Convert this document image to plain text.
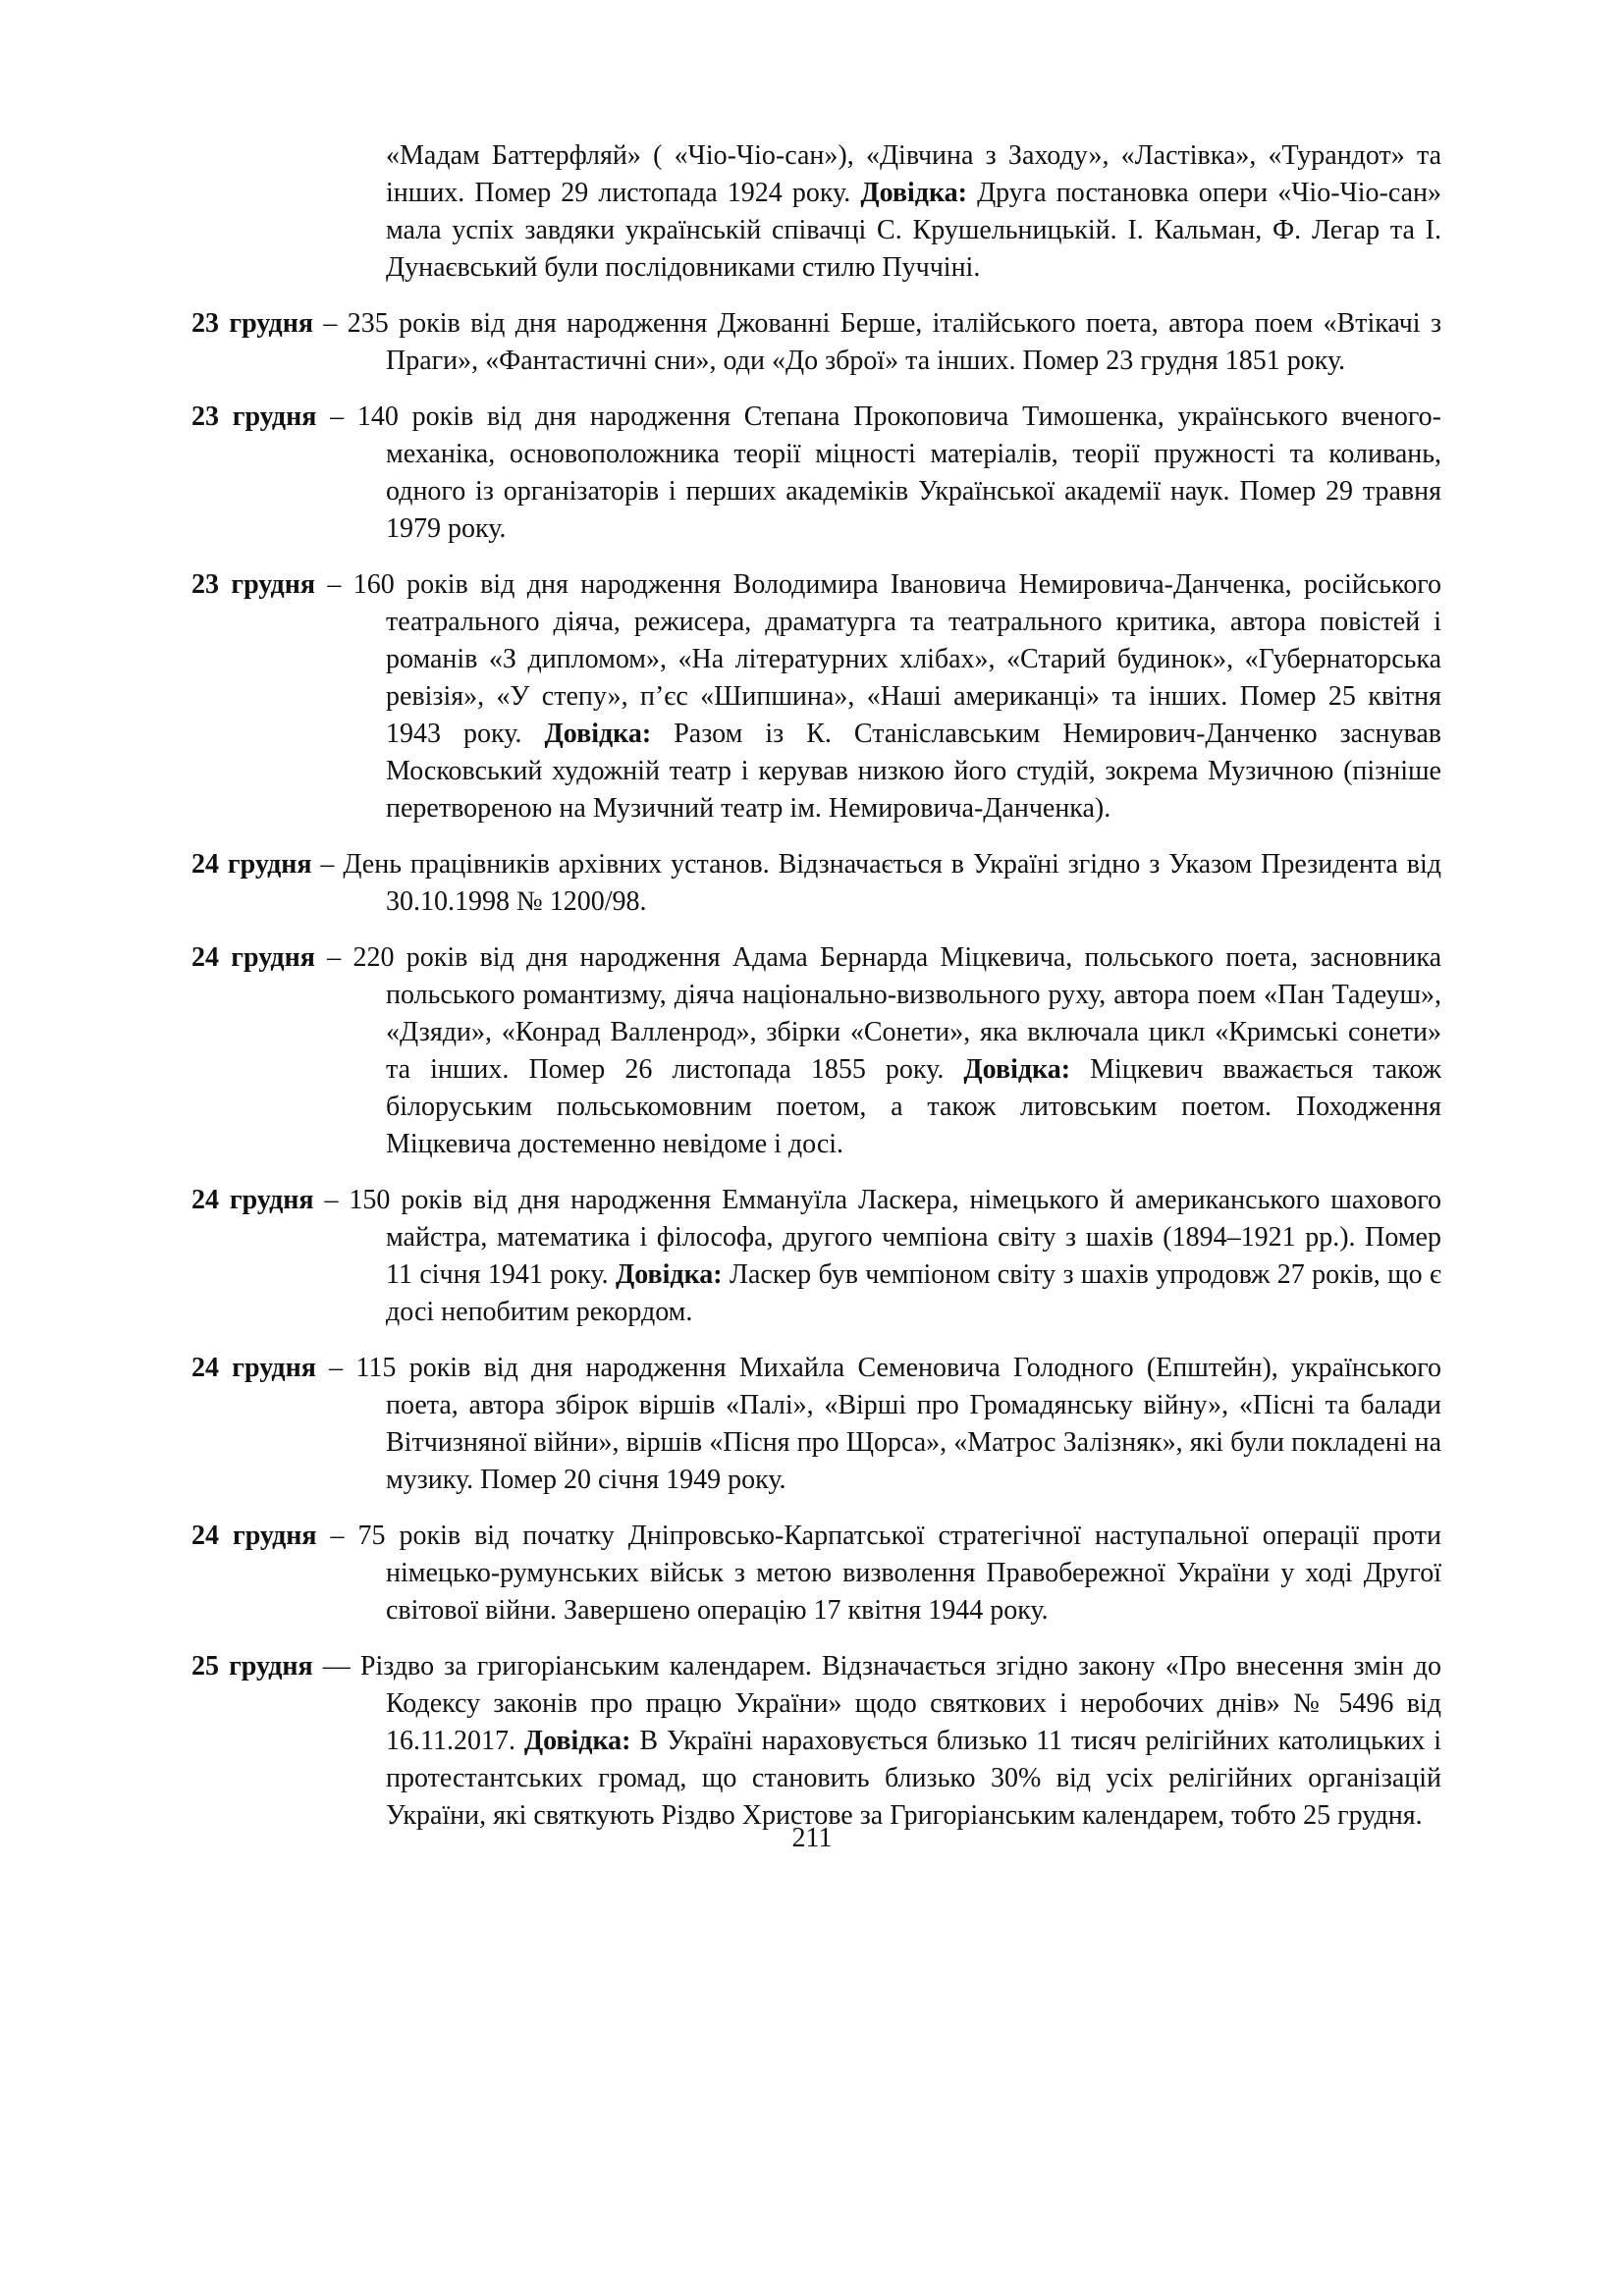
«Мадам Баттерфляй» ( «Чіо-Чіо-сан»), «Дівчина з Заходу», «Ластівка», «Турандот» та інших. Помер 29 листопада 1924 року. Довідка: Друга постановка опери «Чіо-Чіо-сан» мала успіх завдяки українській співачці С. Крушельницькій. І. Кальман, Ф. Легар та І. Дунаєвський були послідовниками стилю Пуччіні.

23 грудня – 235 років від дня народження Джованні Берше, італійського поета, автора поем «Втікачі з Праги», «Фантастичні сни», оди «До зброї» та інших. Помер 23 грудня 1851 року.

23 грудня – 140 років від дня народження Степана Прокоповича Тимошенка, українського вченого-механіка, основоположника теорії міцності матеріалів, теорії пружності та коливань, одного із організаторів і перших академіків Української академії наук. Помер 29 травня 1979 року.

23 грудня – 160 років від дня народження Володимира Івановича Немировича-Данченка, російського театрального діяча, режисера, драматурга та театрального критика, автора повістей і романів «З дипломом», «На літературних хлібах», «Старий будинок», «Губернаторська ревізія», «У степу», п’єс «Шипшина», «Наші американці» та інших. Помер 25 квітня 1943 року. Довідка: Разом із К. Станіславським Немирович-Данченко заснував Московський художній театр і керував низкою його студій, зокрема Музичною (пізніше перетвореною на Музичний театр ім. Немировича-Данченка).

24 грудня – День працівників архівних установ. Відзначається в Україні згідно з Указом Президента від 30.10.1998 № 1200/98.

24 грудня – 220 років від дня народження Адама Бернарда Міцкевича, польського поета, засновника польського романтизму, діяча національно-визвольного руху, автора поем «Пан Тадеуш», «Дзяди», «Конрад Валленрод», збірки «Сонети», яка включала цикл «Кримські сонети» та інших. Помер 26 листопада 1855 року. Довідка: Міцкевич вважається також білоруським польськомовним поетом, а також литовським поетом. Походження Міцкевича достеменно невідоме і досі.

24 грудня – 150 років від дня народження Еммануїла Ласкера, німецького й американського шахового майстра, математика і філософа, другого чемпіона світу з шахів (1894–1921 рр.). Помер 11 січня 1941 року. Довідка: Ласкер був чемпіоном світу з шахів упродовж 27 років, що є досі непобитим рекордом.

24 грудня – 115 років від дня народження Михайла Семеновича Голодного (Епштейн), українського поета, автора збірок віршів «Палі», «Вірші про Громадянську війну», «Пісні та балади Вітчизняної війни», віршів «Пісня про Щорса», «Матрос Залізняк», які були покладені на музику. Помер 20 січня 1949 року.

24 грудня – 75 років від початку Дніпровсько-Карпатської стратегічної наступальної операції проти німецько-румунських військ з метою визволення Правобережної України у ході Другої світової війни. Завершено операцію 17 квітня 1944 року.

25 грудня — Різдво за григоріанським календарем. Відзначається згідно закону «Про внесення змін до Кодексу законів про працю України» щодо святкових і неробочих днів» № 5496 від 16.11.2017. Довідка: В Україні нараховується близько 11 тисяч релігійних католицьких і протестантських громад, що становить близько 30% від усіх релігійних організацій України, які святкують Різдво Христове за Григоріанським календарем, тобто 25 грудня.

211
